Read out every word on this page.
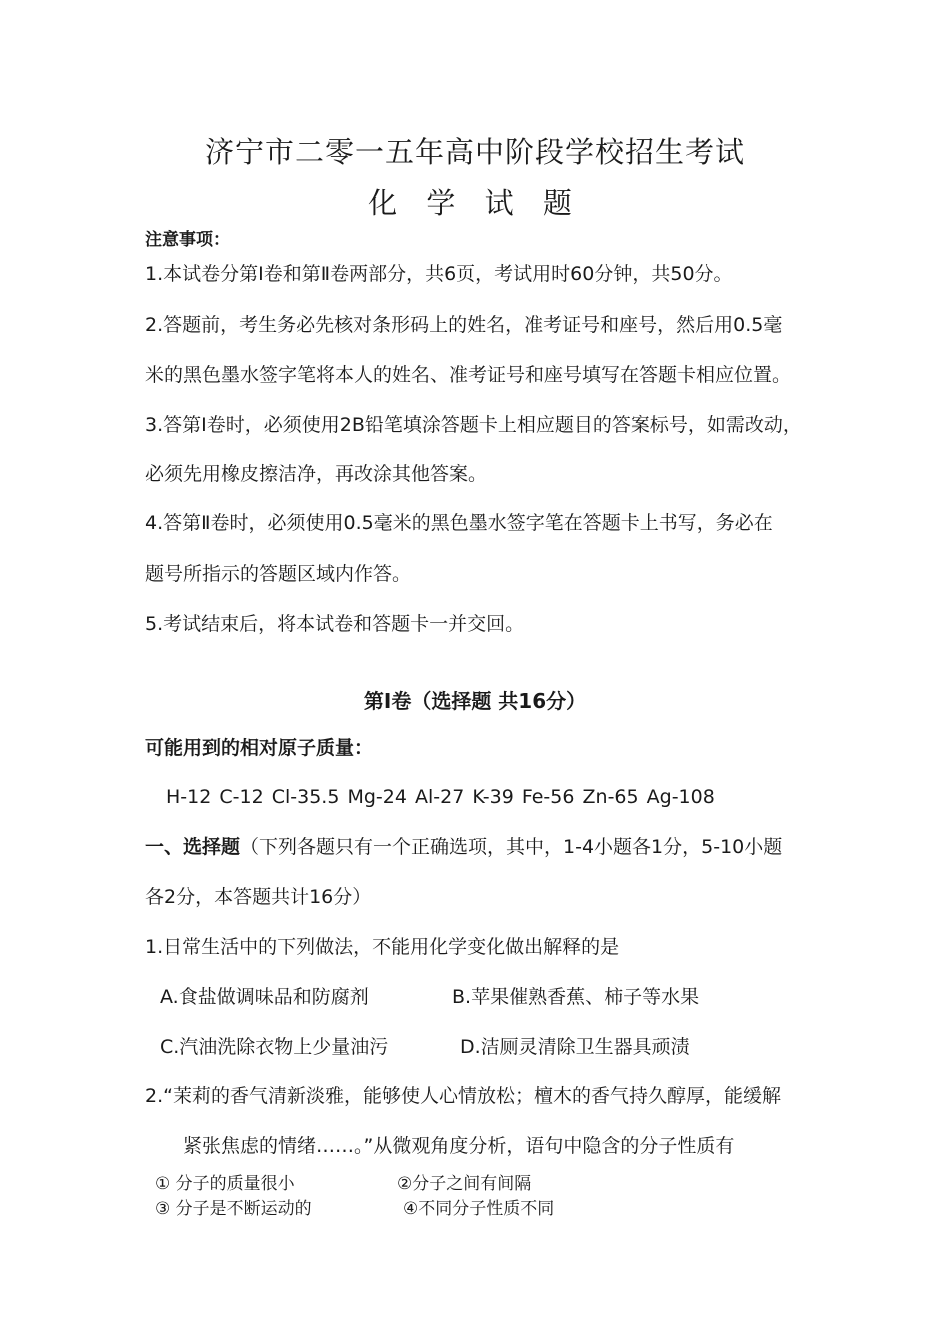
济宁市二零一五年高中阶段学校招生考试
化 学 试 题
注意事项：
1.本试卷分第Ⅰ卷和第Ⅱ卷两部分，共6页，考试用时60分钟，共50分。
2.答题前，考生务必先核对条形码上的姓名，准考证号和座号，然后用0.5毫
米的黑色墨水签字笔将本人的姓名、准考证号和座号填写在答题卡相应位置。
3.答第Ⅰ卷时，必须使用2B铅笔填涂答题卡上相应题目的答案标号，如需改动，
必须先用橡皮擦洁净，再改涂其他答案。
4.答第Ⅱ卷时，必须使用0.5毫米的黑色墨水签字笔在答题卡上书写，务必在
题号所指示的答题区域内作答。
5.考试结束后，将本试卷和答题卡一并交回。
第Ⅰ卷（选择题 共16分）
可能用到的相对原子质量：
H-12 C-12 Cl-35.5 Mg-24 Al-27 K-39 Fe-56 Zn-65 Ag-108
一、选择题（下列各题只有一个正确选项，其中，1-4小题各1分，5-10小题
各2分，本答题共计16分）
1.日常生活中的下列做法，不能用化学变化做出解释的是
A.食盐做调味品和防腐剂	B.苹果催熟香蕉、柿子等水果
C.汽油洗除衣物上少量油污	D.洁厕灵清除卫生器具顽渍
2.“茉莉的香气清新淡雅，能够使人心情放松；檀木的香气持久醇厚，能缓解
紧张焦虑的情绪……。”从微观角度分析，语句中隐含的分子性质有
① 分子的质量很小	②分子之间有间隔
③ 分子是不断运动的	④不同分子性质不同
